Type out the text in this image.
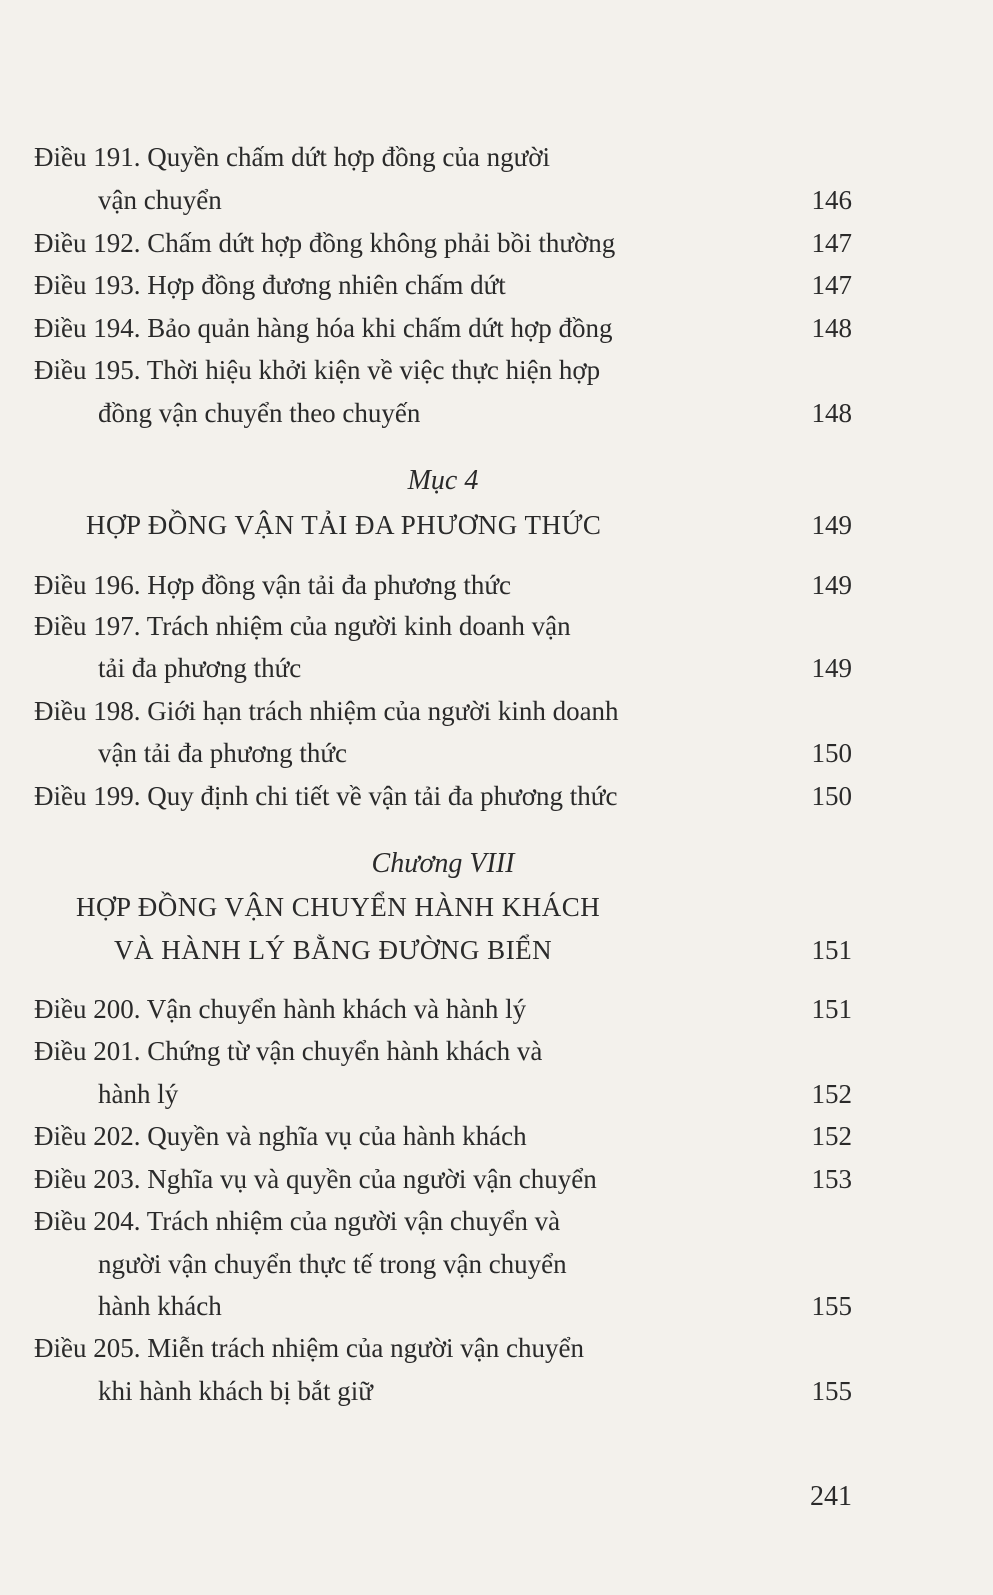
Điều 191. Quyền chấm dứt hợp đồng của người
vận chuyển	146
Điều 192. Chấm dứt hợp đồng không phải bồi thường	147
Điều 193. Hợp đồng đương nhiên chấm dứt	147
Điều 194. Bảo quản hàng hóa khi chấm dứt hợp đồng	148
Điều 195. Thời hiệu khởi kiện về việc thực hiện hợp
đồng vận chuyển theo chuyến	148
Mục 4
HỢP ĐỒNG VẬN TẢI ĐA PHƯƠNG THỨC	149
Điều 196. Hợp đồng vận tải đa phương thức	149
Điều 197. Trách nhiệm của người kinh doanh vận
tải đa phương thức	149
Điều 198. Giới hạn trách nhiệm của người kinh doanh
vận tải đa phương thức	150
Điều 199. Quy định chi tiết về vận tải đa phương thức	150
Chương VIII
HỢP ĐỒNG VẬN CHUYỂN HÀNH KHÁCH
VÀ HÀNH LÝ BẰNG ĐƯỜNG BIỂN	151
Điều 200. Vận chuyển hành khách và hành lý	151
Điều 201. Chứng từ vận chuyển hành khách và
hành lý	152
Điều 202. Quyền và nghĩa vụ của hành khách	152
Điều 203. Nghĩa vụ và quyền của người vận chuyển	153
Điều 204. Trách nhiệm của người vận chuyển và
người vận chuyển thực tế trong vận chuyển
hành khách	155
Điều 205. Miễn trách nhiệm của người vận chuyển
khi hành khách bị bắt giữ	155
241
